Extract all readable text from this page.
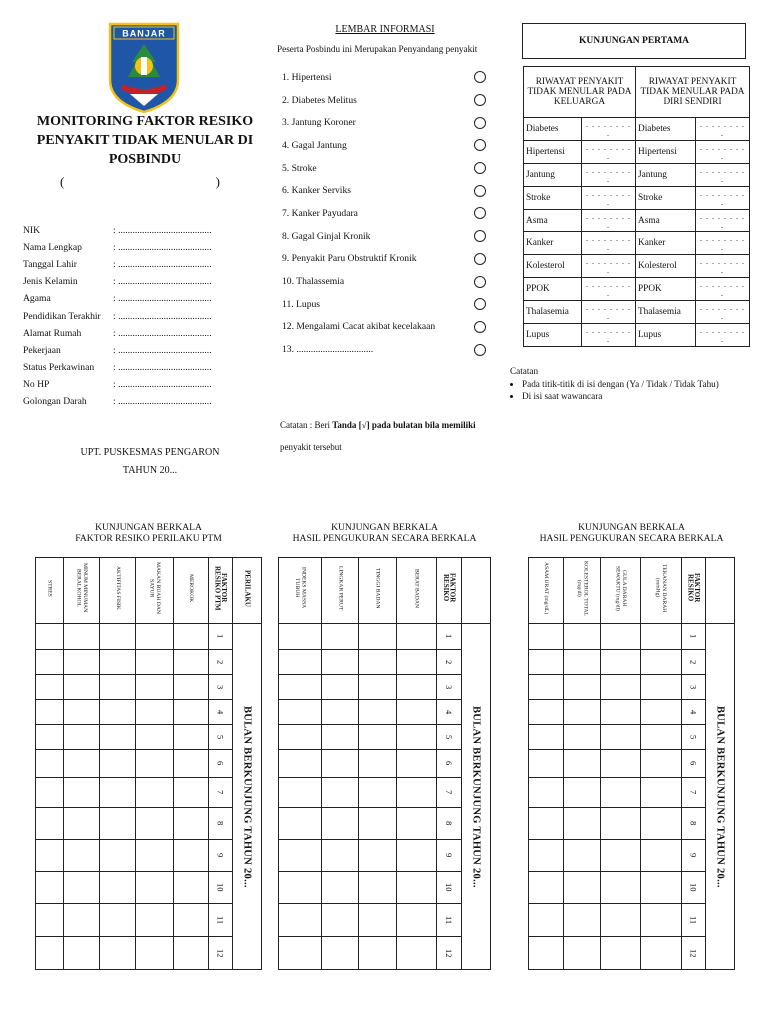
BANJAR
MONITORING FAKTOR RESIKO PENYAKIT TIDAK MENULAR DI POSBINDU
(	)
NIK	: .......................................
Nama Lengkap	: .......................................
Tanggal Lahir	: .......................................
Jenis Kelamin	: .......................................
Agama	: .......................................
Pendidikan Terakhir	: .......................................
Alamat Rumah	: .......................................
Pekerjaan	: .......................................
Status Perkawinan	: .......................................
No HP	: .......................................
Golongan Darah	: .......................................
UPT. PUSKESMAS PENGARON
TAHUN 20...
LEMBAR INFORMASI
Peserta Posbindu ini Merupakan Penyandang penyakit
1. Hipertensi
2. Diabetes Melitus
3. Jantung Koroner
4. Gagal Jantung
5. Stroke
6. Kanker Serviks
7. Kanker Payudara
8. Gagal Ginjal Kronik
9. Penyakit Paru Obstruktif Kronik
10. Thalassemia
11. Lupus
12. Mengalami Cacat akibat kecelakaan
13. ................................
Catatan : Beri Tanda [√] pada bulatan bila memiliki
penyakit tersebut
KUNJUNGAN PERTAMA
RIWAYAT PENYAKIT TIDAK MENULAR PADA KELUARGA		RIWAYAT PENYAKIT TIDAK MENULAR PADA DIRI SENDIRI	
Diabetes	. . . . . . . . .	Diabetes	. . . . . . . . .
Hipertensi	. . . . . . . . .	Hipertensi	. . . . . . . . .
Jantung	. . . . . . . . .	Jantung	. . . . . . . . .
Stroke	. . . . . . . . .	Stroke	. . . . . . . . .
Asma	. . . . . . . . .	Asma	. . . . . . . . .
Kanker	. . . . . . . . .	Kanker	. . . . . . . . .
Kolesterol	. . . . . . . . .	Kolesterol	. . . . . . . . .
PPOK	. . . . . . . . .	PPOK	. . . . . . . . .
Thalasemia	. . . . . . . . .	Thalasemia	. . . . . . . . .
Lupus	. . . . . . . . .	Lupus	. . . . . . . . .
Catatan
• Pada titik-titik di isi dengan (Ya / Tidak / Tidak Tahu)
• Di isi saat wawancara
KUNJUNGAN BERKALA
FAKTOR RESIKO PERILAKU PTM
STRES	MINUM MINUMAN BERALKOHOL	AKTIFITAS FISIK	MAKAN BUAH DAN SAYUR	MEROKOK	FAKTOR RESIKO PTM	PERILAKU
					1	BULAN BERKUNJUNG TAHUN 20...
					2	
					3	
					4	
					5	
					6	
					7	
					8	
					9	
					10	
					11	
					12	
KUNJUNGAN BERKALA
HASIL PENGUKURAN SECARA BERKALA
INDEKS MASSA TUBUH	LINGKAR PERUT	TINGGI BADAN	BERAT BADAN	FAKTOR RESIKO	
				1	BULAN BERKUNJUNG TAHUN 20...
				2	
				3	
				4	
				5	
				6	
				7	
				8	
				9	
				10	
				11	
				12	
KUNJUNGAN BERKALA
HASIL PENGUKURAN SECARA BERKALA
ASAM URAT (mg/dL)	KOLESTEROL TOTAL (mg/dl)	GULA DARAH SEWAKTU (mg/dl)	TEKANAN DARAH (mmHg)	FAKTOR RESIKO	
				1	BULAN BERKUNJUNG TAHUN 20...
				2	
				3	
				4	
				5	
				6	
				7	
				8	
				9	
				10	
				11	
				12	
